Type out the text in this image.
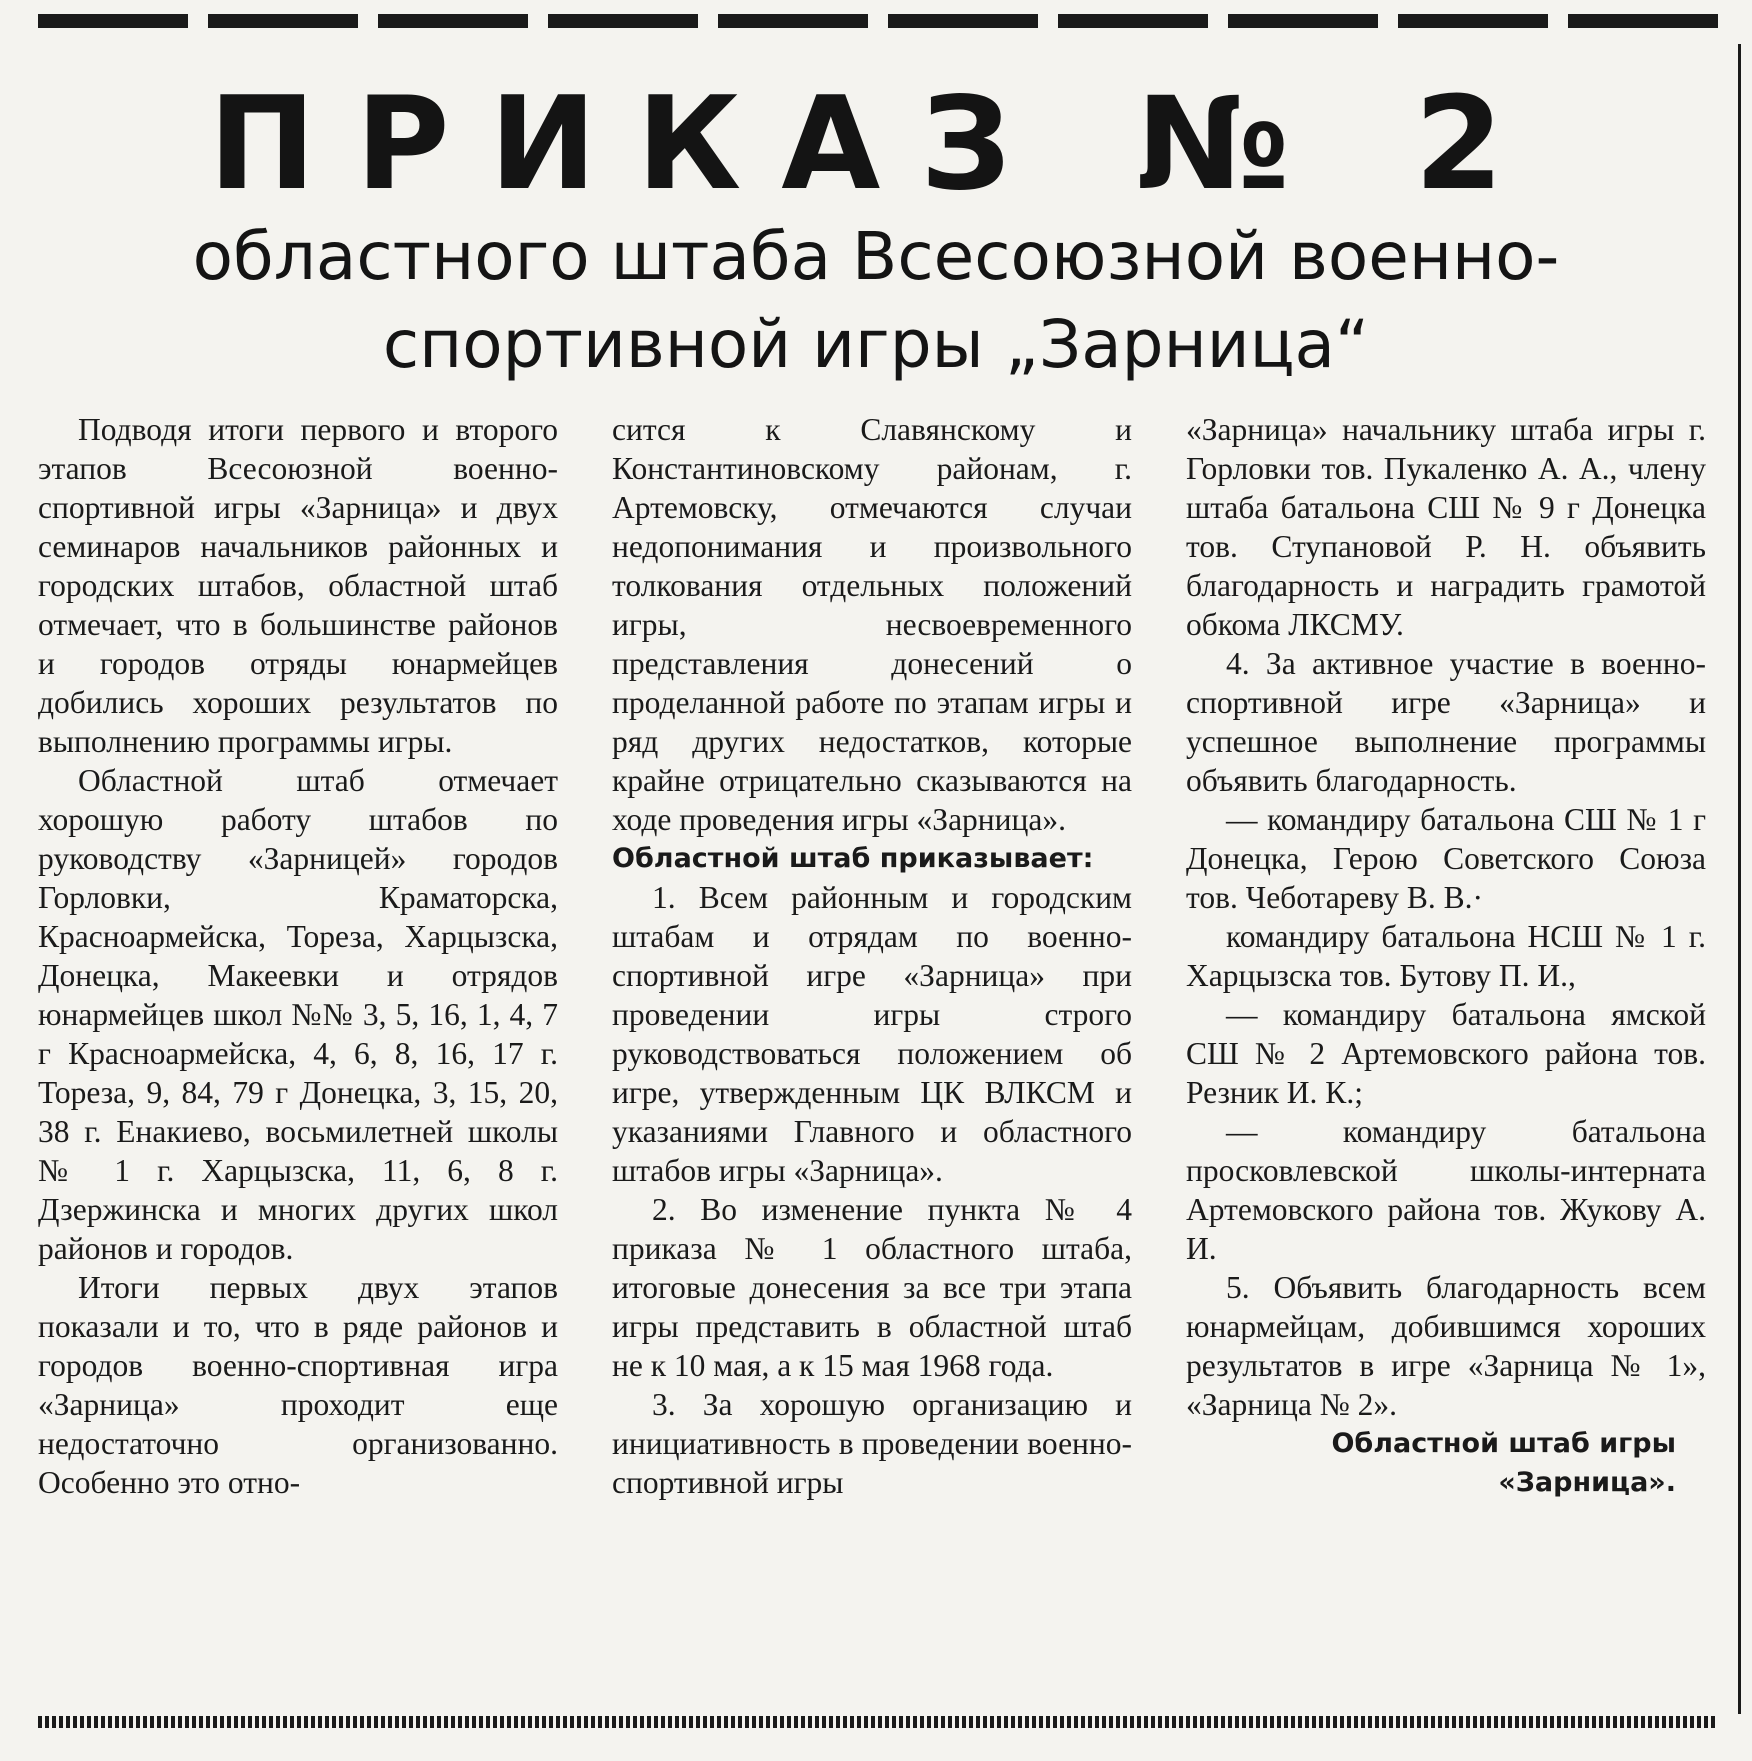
ПРИКАЗ № 2
областного штаба Всесоюзной военно-
спортивной игры „Зарница“

Подводя итоги первого и второго этапов Всесоюзной военно-спортивной игры «Зарница» и двух семинаров начальников районных и городских штабов, областной штаб отмечает, что в большинстве районов и городов отряды юнармейцев добились хороших результатов по выполнению программы игры.

Областной штаб отмечает хорошую работу штабов по руководству «Зарницей» городов Горловки, Краматорска, Красноармейска, Тореза, Харцызска, Донецка, Макеевки и отрядов юнармейцев школ №№ 3, 5, 16, 1, 4, 7 г Красноармейска, 4, 6, 8, 16, 17 г. Тореза, 9, 84, 79 г Донецка, 3, 15, 20, 38 г. Енакиево, восьмилетней школы № 1 г. Харцызска, 11, 6, 8 г. Дзержинска и многих других школ районов и городов.

Итоги первых двух этапов показали и то, что в ряде районов и городов военно-спортивная игра «Зарница» проходит еще недостаточно организованно. Особенно это отно-

сится к Славянскому и Константиновскому районам, г. Артемовску, отмечаются случаи недопонимания и произвольного толкования отдельных положений игры, несвоевременного представления донесений о проделанной работе по этапам игры и ряд других недостатков, которые крайне отрицательно сказываются на ходе проведения игры «Зарница».

Областной штаб приказывает:

1. Всем районным и городским штабам и отрядам по военно-спортивной игре «Зарница» при проведении игры строго руководствоваться положением об игре, утвержденным ЦК ВЛКСМ и указаниями Главного и областного штабов игры «Зарница».

2. Во изменение пункта № 4 приказа № 1 областного штаба, итоговые донесения за все три этапа игры представить в областной штаб не к 10 мая, а к 15 мая 1968 года.

3. За хорошую организацию и инициативность в проведении военно-спортивной игры

«Зарница» начальнику штаба игры г. Горловки тов. Пукаленко А. А., члену штаба батальона СШ № 9 г Донецка тов. Ступановой Р. Н. объявить благодарность и наградить грамотой обкома ЛКСМУ.

4. За активное участие в военно-спортивной игре «Зарница» и успешное выполнение программы объявить благодарность.

— командиру батальона СШ № 1 г Донецка, Герою Советского Союза тов. Чеботареву В. В.·

командиру батальона НСШ № 1 г. Харцызска тов. Бутову П. И.,

— командиру батальона ямской СШ № 2 Артемовского района тов. Резник И. К.;

— командиру батальона просковлевской школы-интерната Артемовского района тов. Жукову А. И.

5. Объявить благодарность всем юнармейцам, добившимся хороших результатов в игре «Зарница № 1», «Зарница № 2».

Областной штаб игры

«Зарница».
